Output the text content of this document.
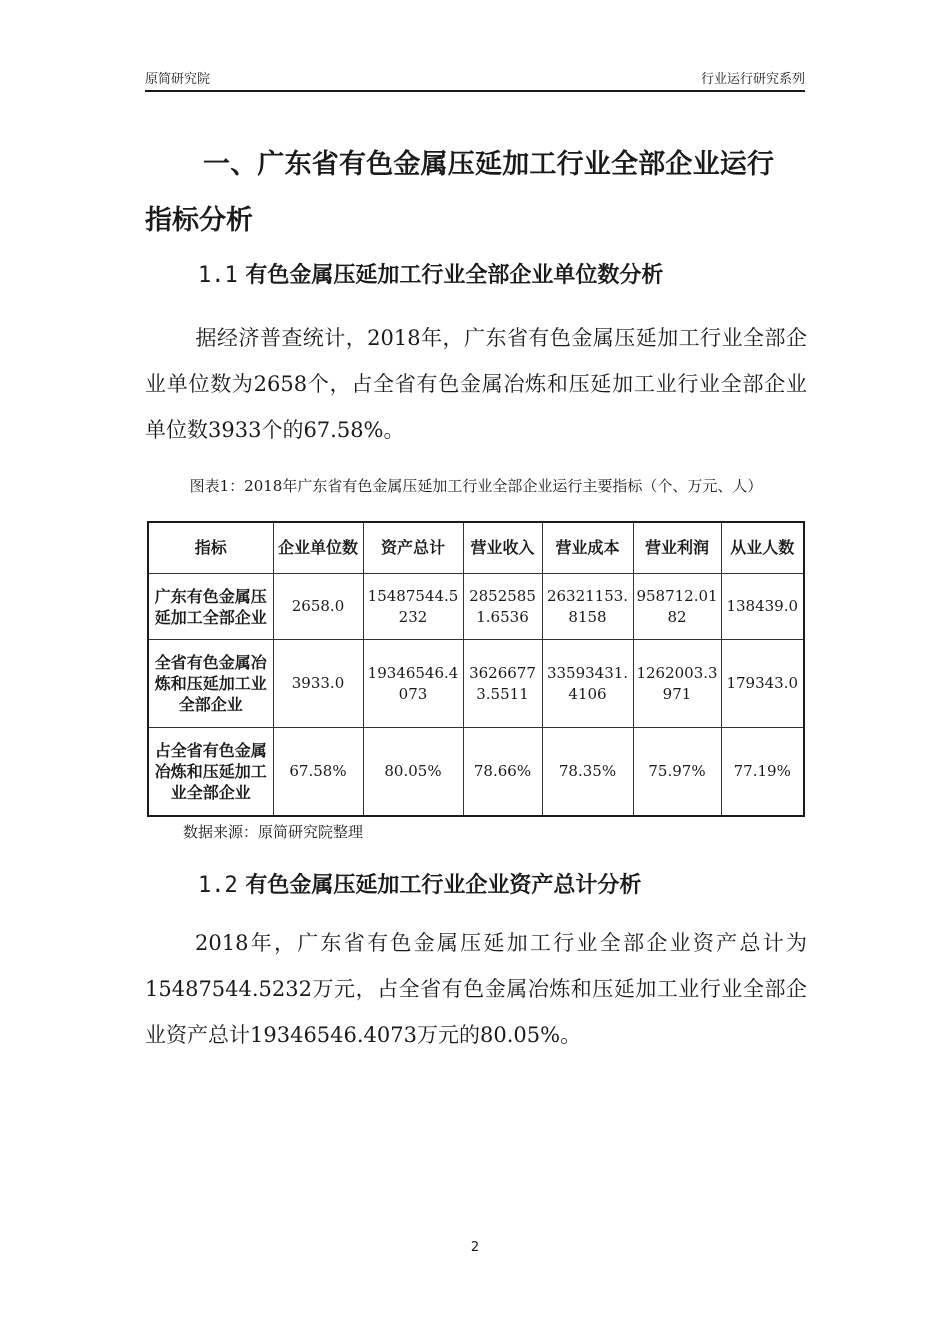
原简研究院	行业运行研究系列
一、广东省有色金属压延加工行业全部企业运行
指标分析
1.1 有色金属压延加工行业全部企业单位数分析
据经济普查统计，2018年，广东省有色金属压延加工行业全部企业单位数为2658个，占全省有色金属冶炼和压延加工业行业全部企业单位数3933个的67.58%。
图表1：2018年广东省有色金属压延加工行业全部企业运行主要指标（个、万元、人）
指标	企业单位数	资产总计	营业收入	营业成本	营业利润	从业人数
广东有色金属压延加工全部企业	2658.0	15487544.5232	28525851.6536	26321153.8158	958712.0182	138439.0
全省有色金属冶炼和压延加工业全部企业	3933.0	19346546.4073	36266773.5511	33593431.4106	1262003.3971	179343.0
占全省有色金属冶炼和压延加工业全部企业	67.58%	80.05%	78.66%	78.35%	75.97%	77.19%
数据来源：原简研究院整理
1.2 有色金属压延加工行业企业资产总计分析
2018年，广东省有色金属压延加工行业全部企业资产总计为15487544.5232万元，占全省有色金属冶炼和压延加工业行业全部企业资产总计19346546.4073万元的80.05%。
2
